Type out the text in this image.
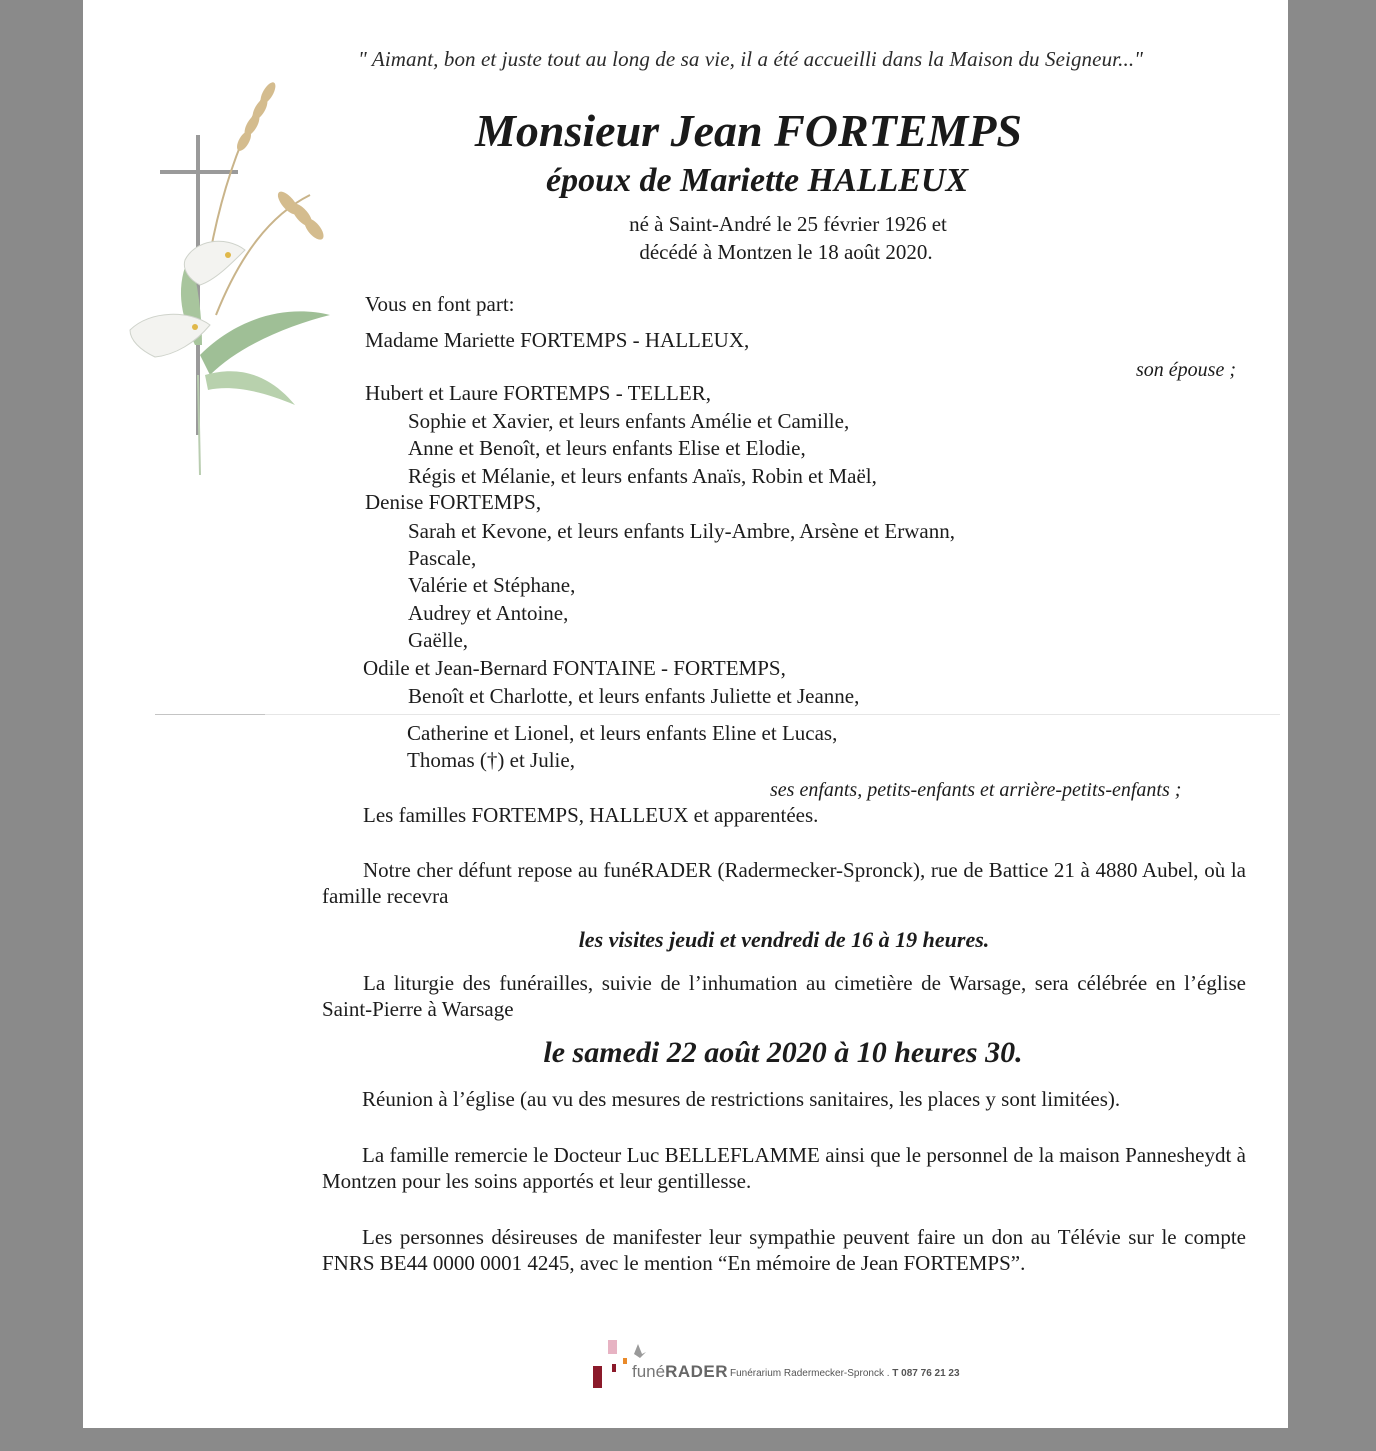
" Aimant, bon et juste tout au long de sa vie, il a été accueilli dans la Maison du Seigneur..."
Monsieur Jean FORTEMPS
époux de Mariette HALLEUX
né à Saint-André le 25 février 1926 et
décédé à Montzen le 18 août 2020.
Vous en font part:
Madame Mariette FORTEMPS - HALLEUX,
son épouse ;
Hubert et Laure FORTEMPS - TELLER,
Sophie et Xavier, et leurs enfants Amélie et Camille,
Anne et Benoît, et leurs enfants Elise et Elodie,
Régis et Mélanie, et leurs enfants Anaïs, Robin et Maël,
Denise FORTEMPS,
Sarah et Kevone, et leurs enfants Lily-Ambre, Arsène et Erwann,
Pascale,
Valérie et Stéphane,
Audrey et Antoine,
Gaëlle,
Odile et Jean-Bernard FONTAINE - FORTEMPS,
Benoît et Charlotte, et leurs enfants Juliette et Jeanne,
Catherine et Lionel, et leurs enfants Eline et Lucas,
Thomas (†) et Julie,
ses enfants, petits-enfants et arrière-petits-enfants ;
Les familles FORTEMPS, HALLEUX et apparentées.
Notre cher défunt repose au funéRADER (Radermecker-Spronck), rue de Battice 21 à 4880 Aubel, où la famille recevra
les visites jeudi et vendredi de 16 à 19 heures.
La liturgie des funérailles, suivie de l’inhumation au cimetière de Warsage, sera célébrée en l’église Saint-Pierre à Warsage
le samedi 22 août 2020 à 10 heures 30.
Réunion à l’église (au vu des mesures de restrictions sanitaires, les places y sont limitées).
La famille remercie le Docteur Luc BELLEFLAMME ainsi que le personnel de la maison Pannesheydt à Montzen pour les soins apportés et leur gentillesse.
Les personnes désireuses de manifester leur sympathie peuvent faire un don au Télévie sur le compte FNRS BE44 0000 0001 4245, avec le mention “En mémoire de Jean FORTEMPS”.
funéRADER Funérarium Radermecker-Spronck . T 087 76 21 23
